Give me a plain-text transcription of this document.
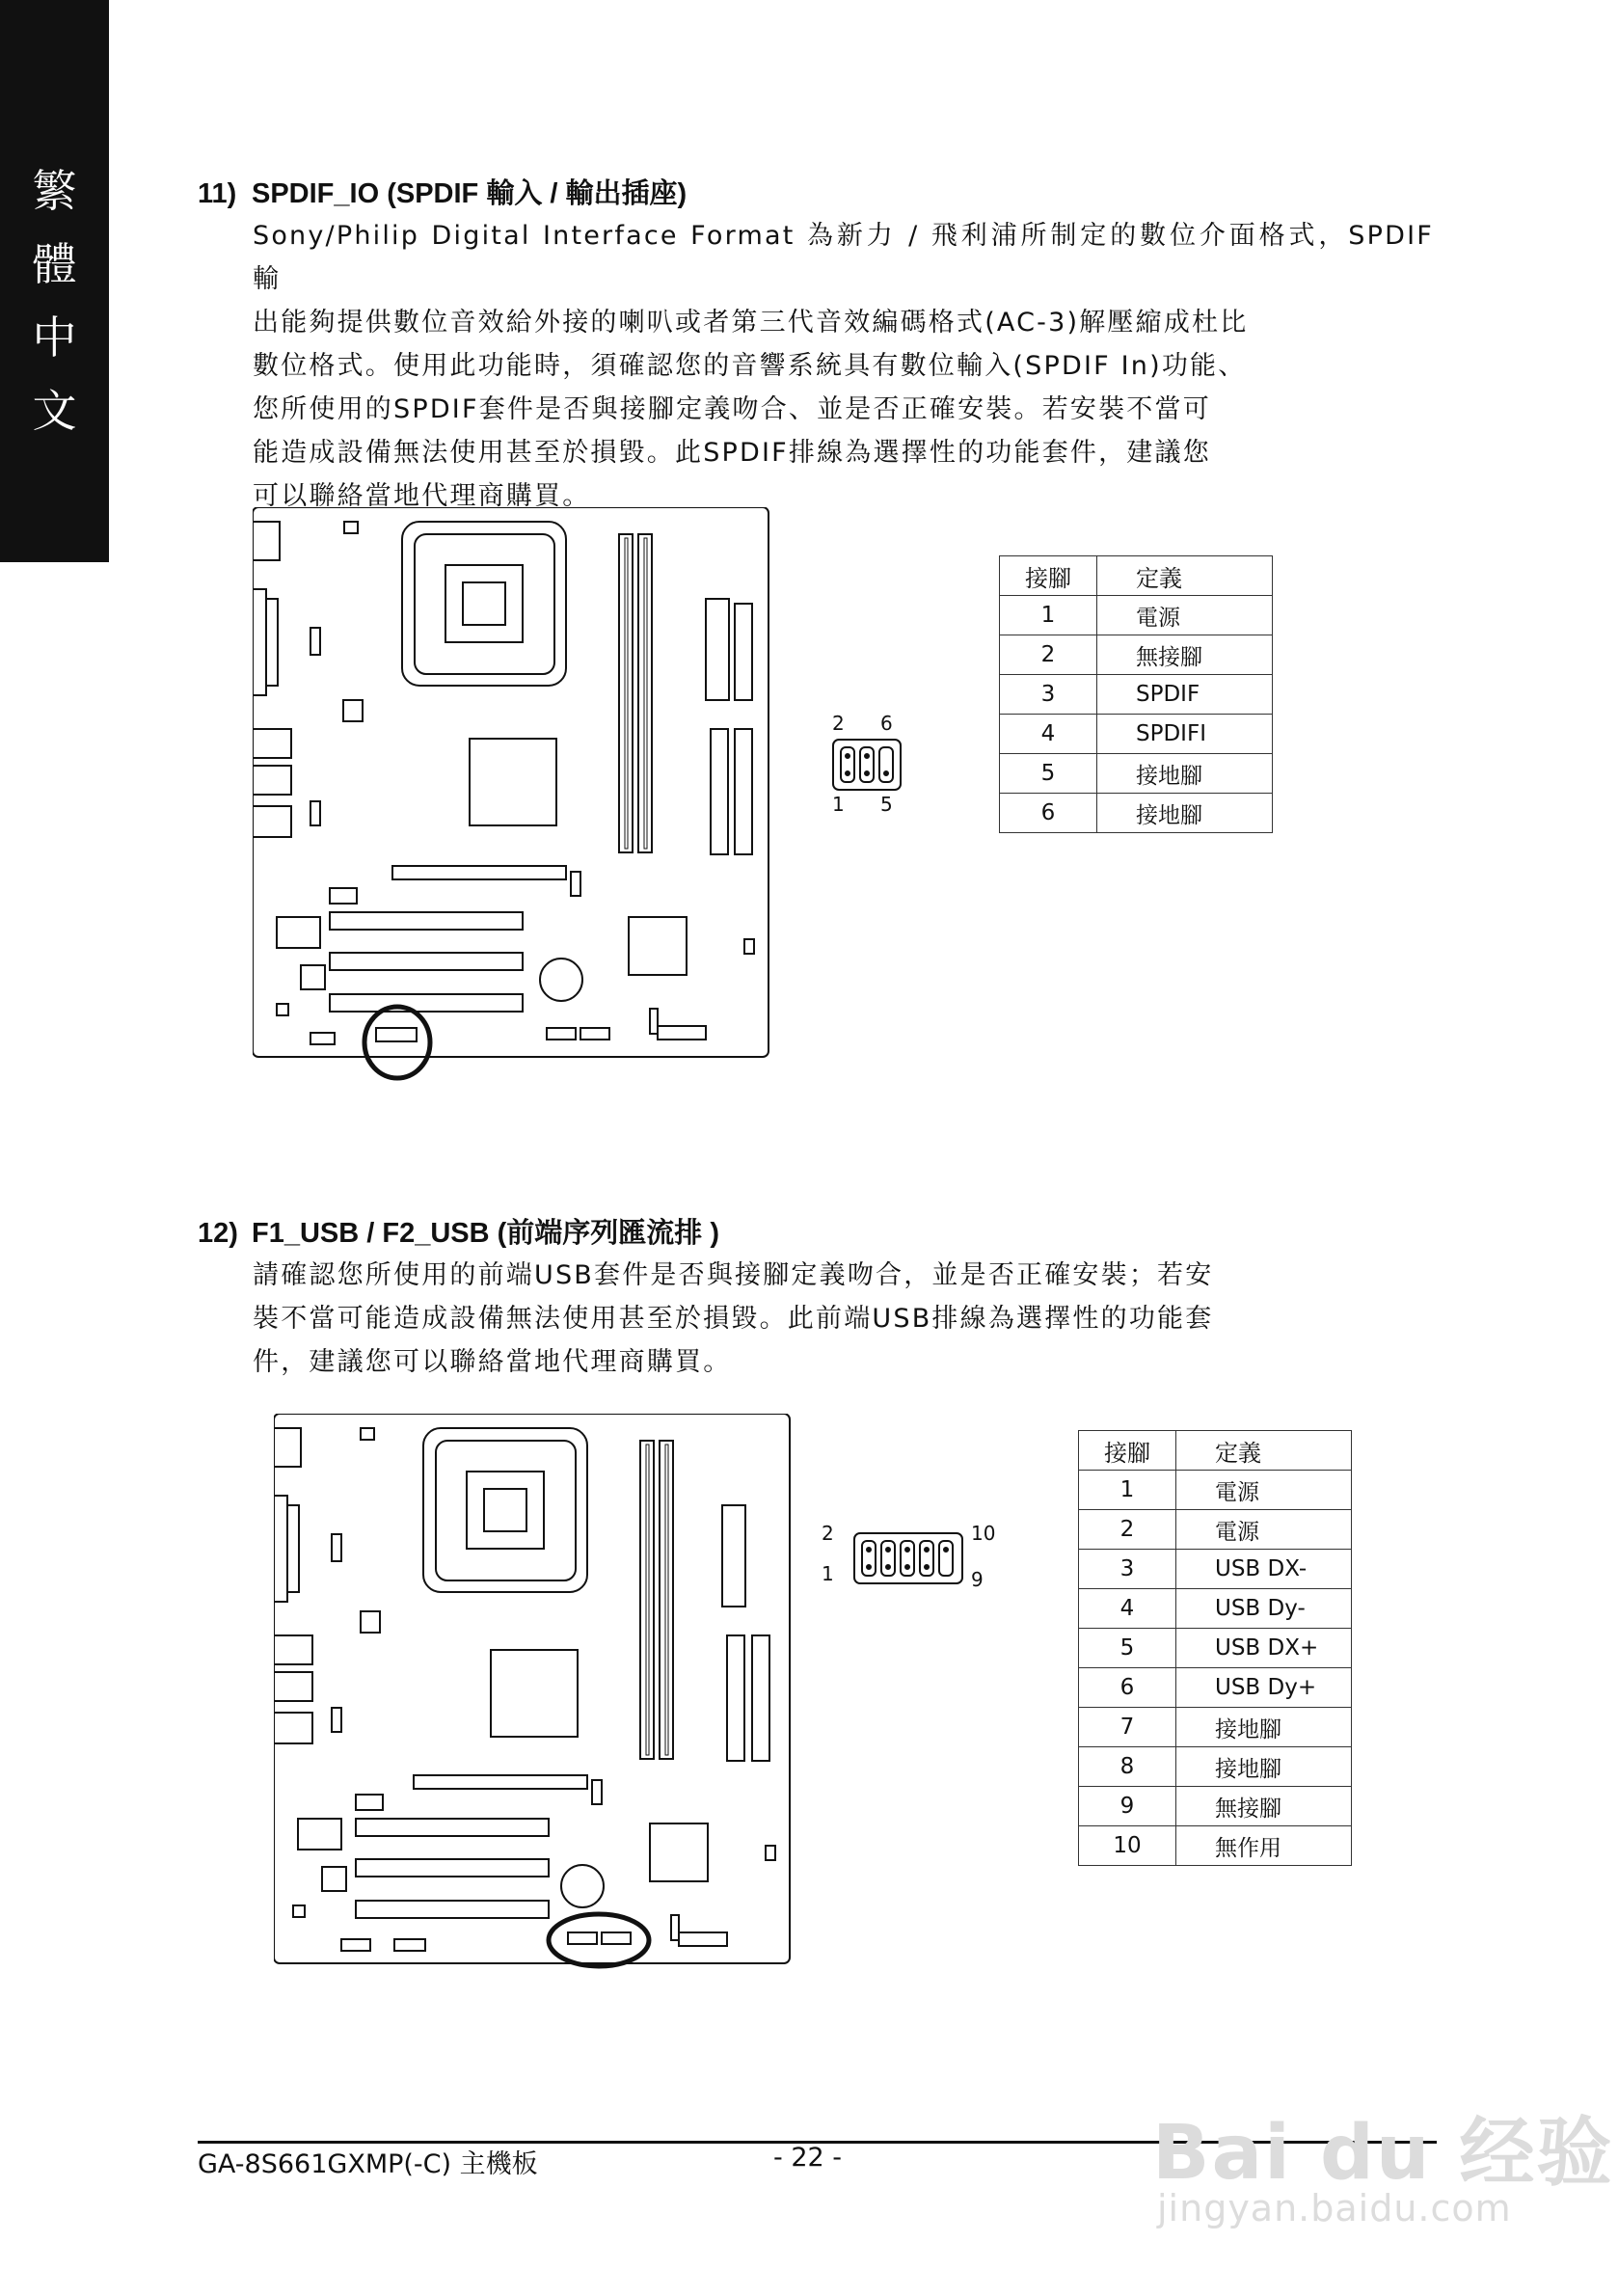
繁
體
中
文
11) SPDIF_IO (SPDIF 輸入 / 輸出插座)
Sony/Philip Digital Interface Format 為新力 / 飛利浦所制定的數位介面格式，SPDIF 輸
出能夠提供數位音效給外接的喇叭或者第三代音效編碼格式(AC-3)解壓縮成杜比
數位格式。使用此功能時，須確認您的音響系統具有數位輸入(SPDIF In)功能、
您所使用的SPDIF套件是否與接腳定義吻合、並是否正確安裝。若安裝不當可
能造成設備無法使用甚至於損毀。此SPDIF排線為選擇性的功能套件，建議您
可以聯絡當地代理商購買。
2 6
1 5
接腳	定義
1	電源
2	無接腳
3	SPDIF
4	SPDIFI
5	接地腳
6	接地腳
12) F1_USB / F2_USB (前端序列匯流排 )
請確認您所使用的前端USB套件是否與接腳定義吻合，並是否正確安裝；若安
裝不當可能造成設備無法使用甚至於損毀。此前端USB排線為選擇性的功能套
件，建議您可以聯絡當地代理商購買。
2	10
1	9
接腳	定義
1	電源
2	電源
3	USB DX-
4	USB Dy-
5	USB DX+
6	USB Dy+
7	接地腳
8	接地腳
9	無接腳
10	無作用
GA-8S661GXMP(-C) 主機板	- 22 -	Bai du 经验
jingyan.baidu.com
